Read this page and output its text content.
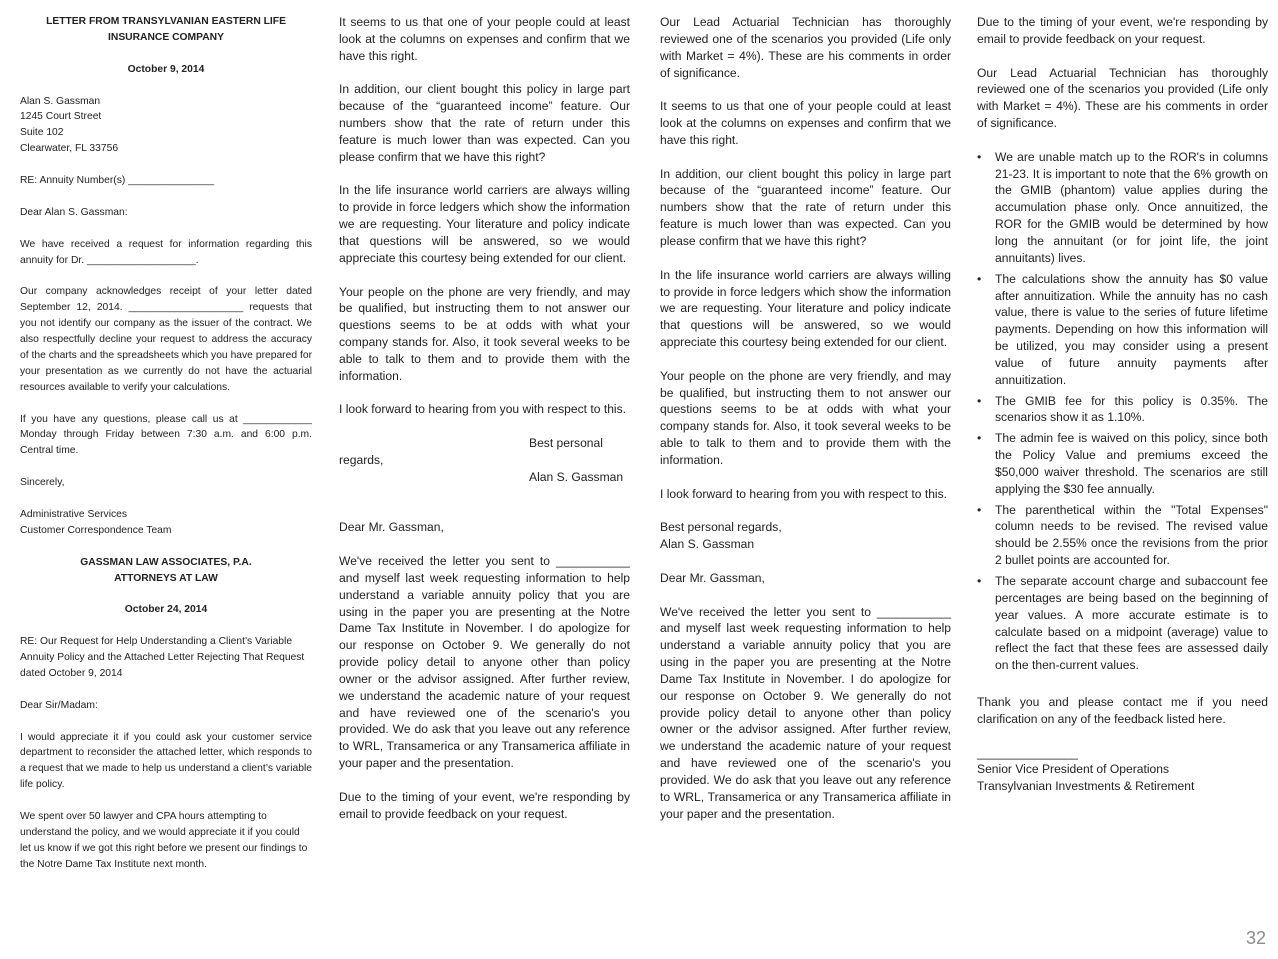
LETTER FROM TRANSYLVANIAN EASTERN LIFE INSURANCE COMPANY

October 9, 2014

Alan S. Gassman
1245 Court Street
Suite 102
Clearwater, FL 33756

RE: Annuity Number(s) _______________

Dear Alan S. Gassman:

We have received a request for information regarding this annuity for Dr. ___________________.

Our company acknowledges receipt of your letter dated September 12, 2014. ____________________ requests that you not identify our company as the issuer of the contract. We also respectfully decline your request to address the accuracy of the charts and the spreadsheets which you have prepared for your presentation as we currently do not have the actuarial resources available to verify your calculations.

If you have any questions, please call us at ____________ Monday through Friday between 7:30 a.m. and 6:00 p.m. Central time.

Sincerely,

Administrative Services
Customer Correspondence Team

GASSMAN LAW ASSOCIATES, P.A.
ATTORNEYS AT LAW

October 24, 2014

RE: Our Request for Help Understanding a Client’s Variable Annuity Policy and the Attached Letter Rejecting That Request dated October 9, 2014

Dear Sir/Madam:

I would appreciate it if you could ask your customer service department to reconsider the attached letter, which responds to a request that we made to help us understand a client’s variable life policy.

We spent over 50 lawyer and CPA hours attempting to understand the policy, and we would appreciate it if you could let us know if we got this right before we present our findings to the Notre Dame Tax Institute next month.

It seems to us that one of your people could at least look at the columns on expenses and confirm that we have this right.

In addition, our client bought this policy in large part because of the “guaranteed income” feature. Our numbers show that the rate of return under this feature is much lower than was expected. Can you please confirm that we have this right?

In the life insurance world carriers are always willing to provide in force ledgers which show the information we are requesting. Your literature and policy indicate that questions will be answered, so we would appreciate this courtesy being extended for our client.

Your people on the phone are very friendly, and may be qualified, but instructing them to not answer our questions seems to be at odds with what your company stands for. Also, it took several weeks to be able to talk to them and to provide them with the information.

I look forward to hearing from you with respect to this.

Best personal regards,

Alan S. Gassman

Dear Mr. Gassman,

We've received the letter you sent to ___________ and myself last week requesting information to help understand a variable annuity policy that you are using in the paper you are presenting at the Notre Dame Tax Institute in November. I do apologize for our response on October 9. We generally do not provide policy detail to anyone other than policy owner or the advisor assigned. After further review, we understand the academic nature of your request and have reviewed one of the scenario's you provided. We do ask that you leave out any reference to WRL, Transamerica or any Transamerica affiliate in your paper and the presentation.

Due to the timing of your event, we're responding by email to provide feedback on your request.

Our Lead Actuarial Technician has thoroughly reviewed one of the scenarios you provided (Life only with Market = 4%). These are his comments in order of significance.

It seems to us that one of your people could at least look at the columns on expenses and confirm that we have this right.

In addition, our client bought this policy in large part because of the “guaranteed income” feature. Our numbers show that the rate of return under this feature is much lower than was expected. Can you please confirm that we have this right?

In the life insurance world carriers are always willing to provide in force ledgers which show the information we are requesting. Your literature and policy indicate that questions will be answered, so we would appreciate this courtesy being extended for our client.

Your people on the phone are very friendly, and may be qualified, but instructing them to not answer our questions seems to be at odds with what your company stands for. Also, it took several weeks to be able to talk to them and to provide them with the information.

I look forward to hearing from you with respect to this.

Best personal regards,

Alan S. Gassman

Dear Mr. Gassman,

We've received the letter you sent to ___________ and myself last week requesting information to help understand a variable annuity policy that you are using in the paper you are presenting at the Notre Dame Tax Institute in November. I do apologize for our response on October 9. We generally do not provide policy detail to anyone other than policy owner or the advisor assigned. After further review, we understand the academic nature of your request and have reviewed one of the scenario's you provided. We do ask that you leave out any reference to WRL, Transamerica or any Transamerica affiliate in your paper and the presentation.

Due to the timing of your event, we're responding by email to provide feedback on your request.

Our Lead Actuarial Technician has thoroughly reviewed one of the scenarios you provided (Life only with Market = 4%). These are his comments in order of significance.

• We are unable match up to the ROR's in columns 21-23. It is important to note that the 6% growth on the GMIB (phantom) value applies during the accumulation phase only. Once annuitized, the ROR for the GMIB would be determined by how long the annuitant (or for joint life, the joint annuitants) lives.
• The calculations show the annuity has $0 value after annuitization. While the annuity has no cash value, there is value to the series of future lifetime payments. Depending on how this information will be utilized, you may consider using a present value of future annuity payments after annuitization.
• The GMIB fee for this policy is 0.35%. The scenarios show it as 1.10%.
• The admin fee is waived on this policy, since both the Policy Value and premiums exceed the $50,000 waiver threshold. The scenarios are still applying the $30 fee annually.
• The parenthetical within the "Total Expenses" column needs to be revised. The revised value should be 2.55% once the revisions from the prior 2 bullet points are accounted for.
• The separate account charge and subaccount fee percentages are being based on the beginning of year values. A more accurate estimate is to calculate based on a midpoint (average) value to reflect the fact that these fees are assessed daily on the then-current values.

Thank you and please contact me if you need clarification on any of the feedback listed here.

_______________

Senior Vice President of Operations
Transylvanian Investments & Retirement

32
